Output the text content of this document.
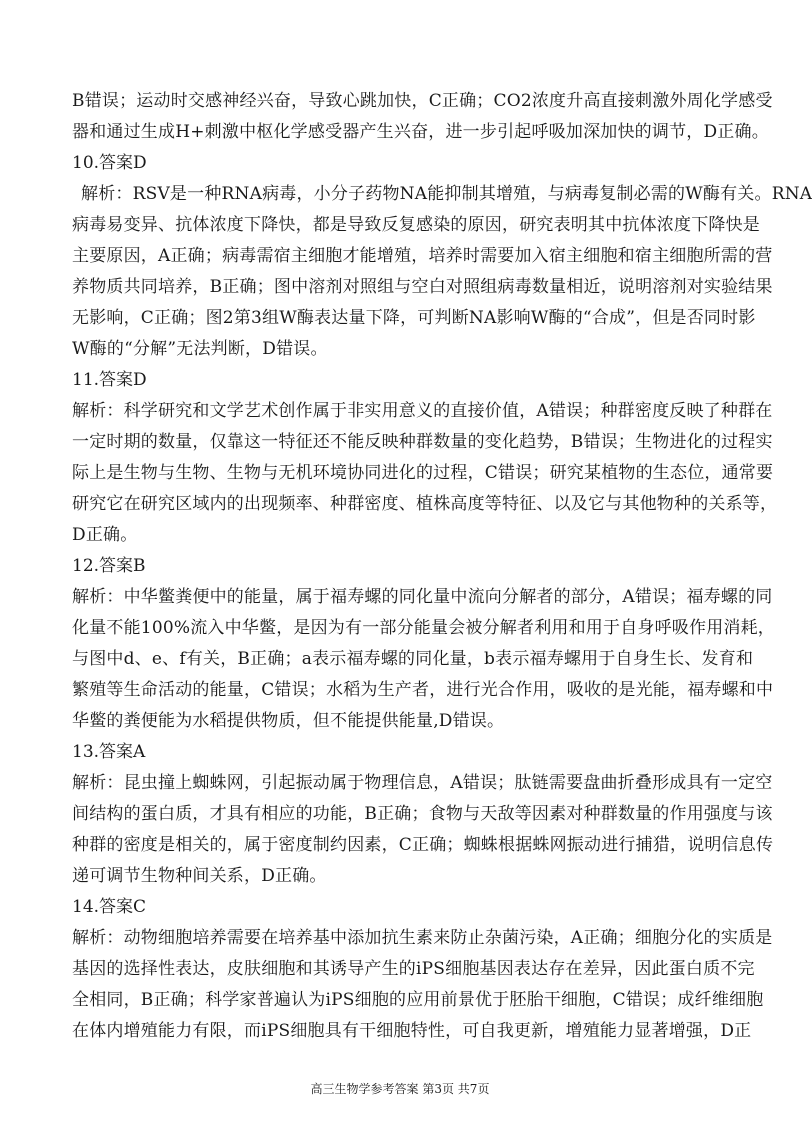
B错误；运动时交感神经兴奋，导致心跳加快，C正确；CO2浓度升高直接刺激外周化学感受
器和通过生成H+刺激中枢化学感受器产生兴奋，进一步引起呼吸加深加快的调节，D正确。
10.答案D
解析：RSV是一种RNA病毒，小分子药物NA能抑制其增殖，与病毒复制必需的W酶有关。RNA
病毒易变异、抗体浓度下降快，都是导致反复感染的原因，研究表明其中抗体浓度下降快是
主要原因，A正确；病毒需宿主细胞才能增殖，培养时需要加入宿主细胞和宿主细胞所需的营
养物质共同培养，B正确；图中溶剂对照组与空白对照组病毒数量相近，说明溶剂对实验结果
无影响，C正确；图2第3组W酶表达量下降，可判断NA影响W酶的“合成”，但是否同时影
W酶的“分解”无法判断，D错误。
11.答案D
解析：科学研究和文学艺术创作属于非实用意义的直接价值，A错误；种群密度反映了种群在
一定时期的数量，仅靠这一特征还不能反映种群数量的变化趋势，B错误；生物进化的过程实
际上是生物与生物、生物与无机环境协同进化的过程，C错误；研究某植物的生态位，通常要
研究它在研究区域内的出现频率、种群密度、植株高度等特征、以及它与其他物种的关系等，
D正确。
12.答案B
解析：中华鳖粪便中的能量，属于福寿螺的同化量中流向分解者的部分，A错误；福寿螺的同
化量不能100%流入中华鳖，是因为有一部分能量会被分解者利用和用于自身呼吸作用消耗，
与图中d、e、f有关，B正确；a表示福寿螺的同化量，b表示福寿螺用于自身生长、发育和
繁殖等生命活动的能量，C错误；水稻为生产者，进行光合作用，吸收的是光能，福寿螺和中
华鳖的粪便能为水稻提供物质，但不能提供能量,D错误。
13.答案A
解析：昆虫撞上蜘蛛网，引起振动属于物理信息，A错误；肽链需要盘曲折叠形成具有一定空
间结构的蛋白质，才具有相应的功能，B正确；食物与天敌等因素对种群数量的作用强度与该
种群的密度是相关的，属于密度制约因素，C正确；蜘蛛根据蛛网振动进行捕猎，说明信息传
递可调节生物种间关系，D正确。
14.答案C
解析：动物细胞培养需要在培养基中添加抗生素来防止杂菌污染，A正确；细胞分化的实质是
基因的选择性表达，皮肤细胞和其诱导产生的iPS细胞基因表达存在差异，因此蛋白质不完
全相同，B正确；科学家普遍认为iPS细胞的应用前景优于胚胎干细胞，C错误；成纤维细胞
在体内增殖能力有限，而iPS细胞具有干细胞特性，可自我更新，增殖能力显著增强，D正
高三生物学参考答案 第3页 共7页
